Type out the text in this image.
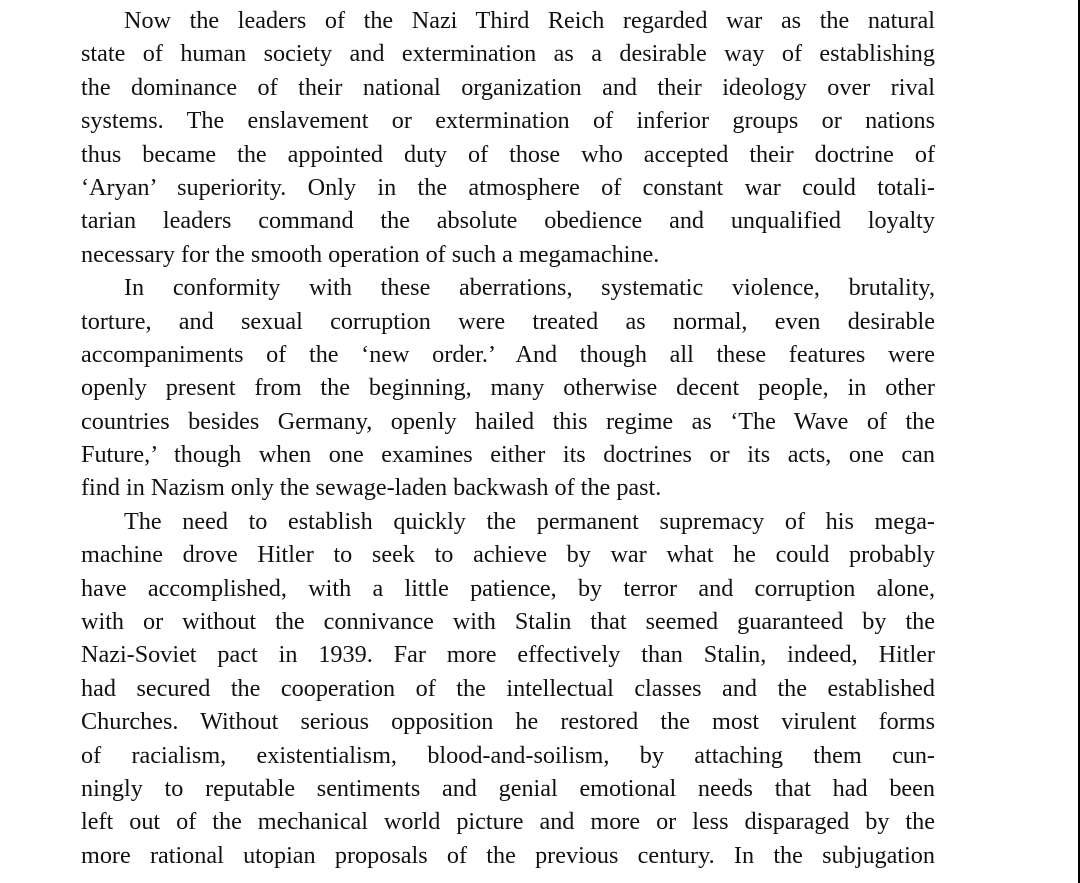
Now the leaders of the Nazi Third Reich regarded war as the natural
state of human society and extermination as a desirable way of establishing
the dominance of their national organization and their ideology over rival
systems. The enslavement or extermination of inferior groups or nations
thus became the appointed duty of those who accepted their doctrine of
‘Aryan’ superiority. Only in the atmosphere of constant war could totali-
tarian leaders command the absolute obedience and unqualified loyalty
necessary for the smooth operation of such a megamachine.
In conformity with these aberrations, systematic violence, brutality,
torture, and sexual corruption were treated as normal, even desirable
accompaniments of the ‘new order.’ And though all these features were
openly present from the beginning, many otherwise decent people, in other
countries besides Germany, openly hailed this regime as ‘The Wave of the
Future,’ though when one examines either its doctrines or its acts, one can
find in Nazism only the sewage-laden backwash of the past.
The need to establish quickly the permanent supremacy of his mega-
machine drove Hitler to seek to achieve by war what he could probably
have accomplished, with a little patience, by terror and corruption alone,
with or without the connivance with Stalin that seemed guaranteed by the
Nazi-Soviet pact in 1939. Far more effectively than Stalin, indeed, Hitler
had secured the cooperation of the intellectual classes and the established
Churches. Without serious opposition he restored the most virulent forms
of racialism, existentialism, blood-and-soilism, by attaching them cun-
ningly to reputable sentiments and genial emotional needs that had been
left out of the mechanical world picture and more or less disparaged by the
more rational utopian proposals of the previous century. In the subjugation
